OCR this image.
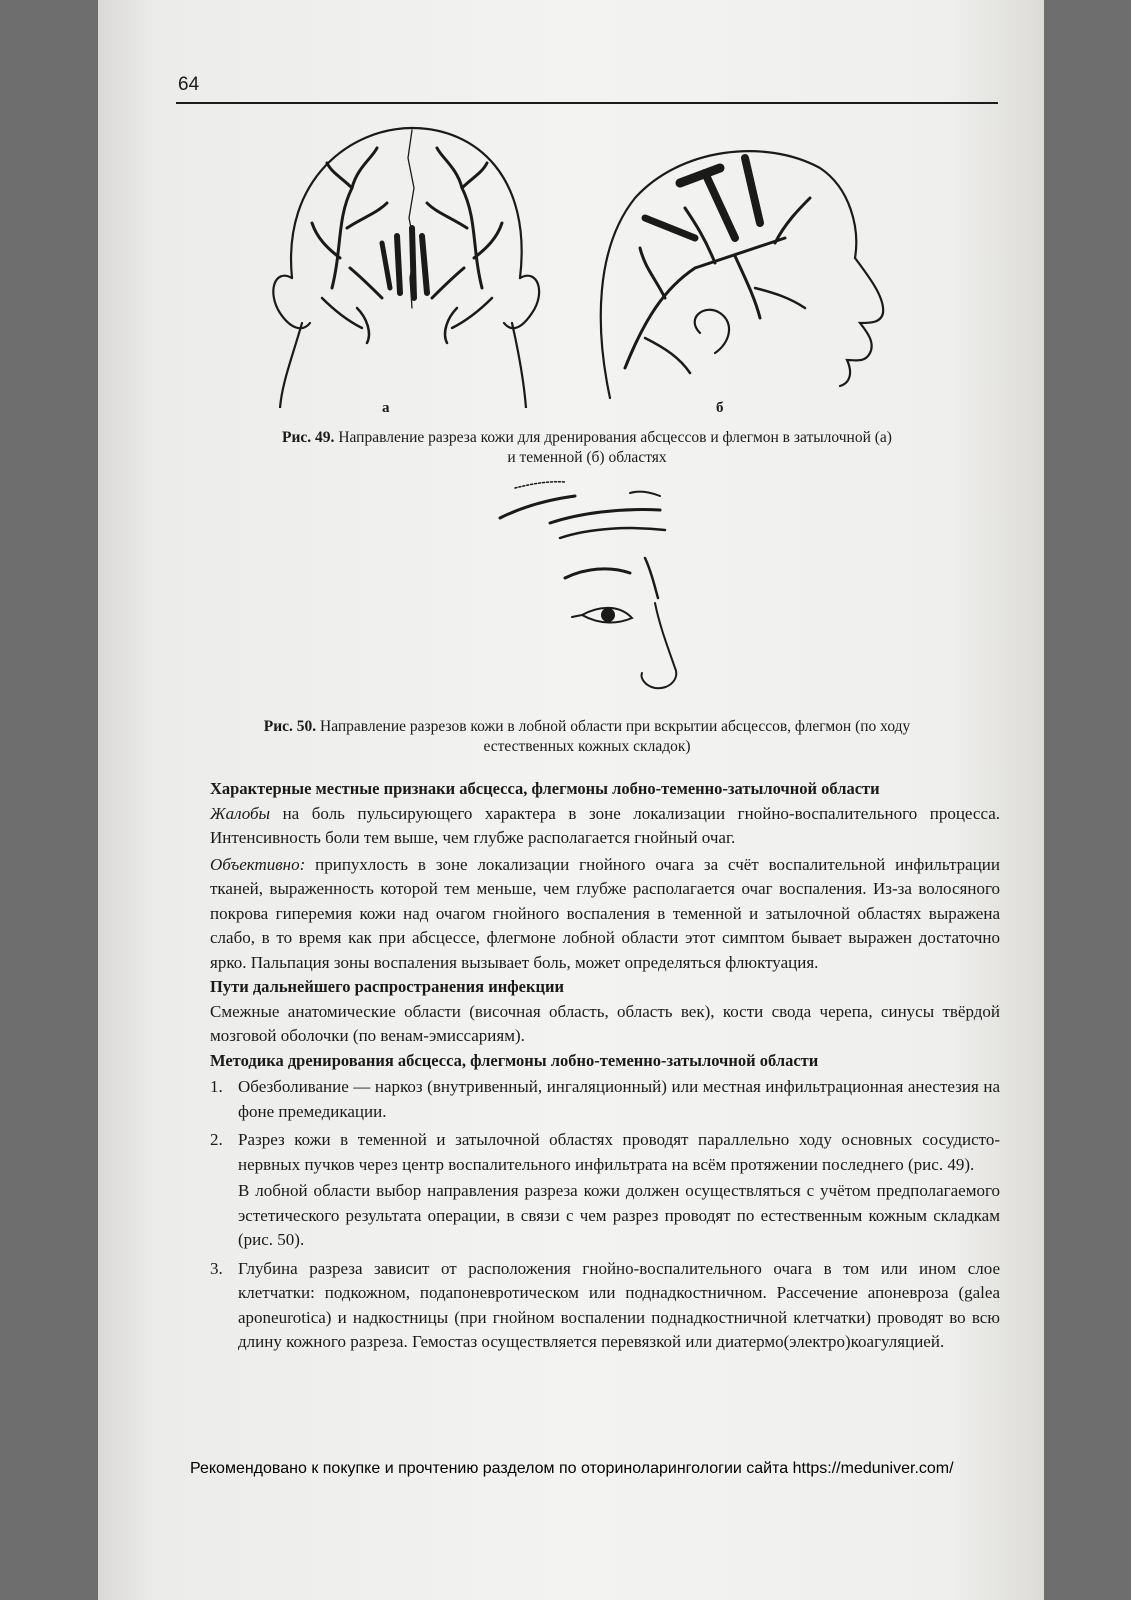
64
а	б
Рис. 49. Направление разреза кожи для дренирования абсцессов и флегмон в затылочной (а)
и теменной (б) областях
Рис. 50. Направление разрезов кожи в лобной области при вскрытии абсцессов, флегмон (по ходу
естественных кожных складок)

Характерные местные признаки абсцесса, флегмоны лобно-теменно-затылочной области

Жалобы на боль пульсирующего характера в зоне локализации гнойно-воспалительного процесса. Интенсивность боли тем выше, чем глубже располагается гнойный очаг.

Объективно: припухлость в зоне локализации гнойного очага за счёт воспалительной инфильтрации тканей, выраженность которой тем меньше, чем глубже располагается очаг воспаления. Из-за волосяного покрова гиперемия кожи над очагом гнойного воспаления в теменной и затылочной областях выражена слабо, в то время как при абсцессе, флегмоне лобной области этот симптом бывает выражен достаточно ярко. Пальпация зоны воспаления вызывает боль, может определяться флюктуация.

Пути дальнейшего распространения инфекции

Смежные анатомические области (височная область, область век), кости свода черепа, синусы твёрдой мозговой оболочки (по венам-эмиссариям).

Методика дренирования абсцесса, флегмоны лобно-теменно-затылочной области

1. Обезболивание — наркоз (внутривенный, ингаляционный) или местная инфильтрационная анестезия на фоне премедикации.
2. Разрез кожи в теменной и затылочной областях проводят параллельно ходу основных сосудисто-нервных пучков через центр воспалительного инфильтрата на всём протяжении последнего (рис. 49).
В лобной области выбор направления разреза кожи должен осуществляться с учётом предполагаемого эстетического результата операции, в связи с чем разрез проводят по естественным кожным складкам (рис. 50).
3. Глубина разреза зависит от расположения гнойно-воспалительного очага в том или ином слое клетчатки: подкожном, подапоневротическом или поднадкостничном. Рассечение апоневроза (galea aponeurotica) и надкостницы (при гнойном воспалении поднадкостничной клетчатки) проводят во всю длину кожного разреза. Гемостаз осуществляется перевязкой или диатермо(электро)коагуляцией.
Рекомендовано к покупке и прочтению разделом по оториноларингологии сайта https://meduniver.com/
